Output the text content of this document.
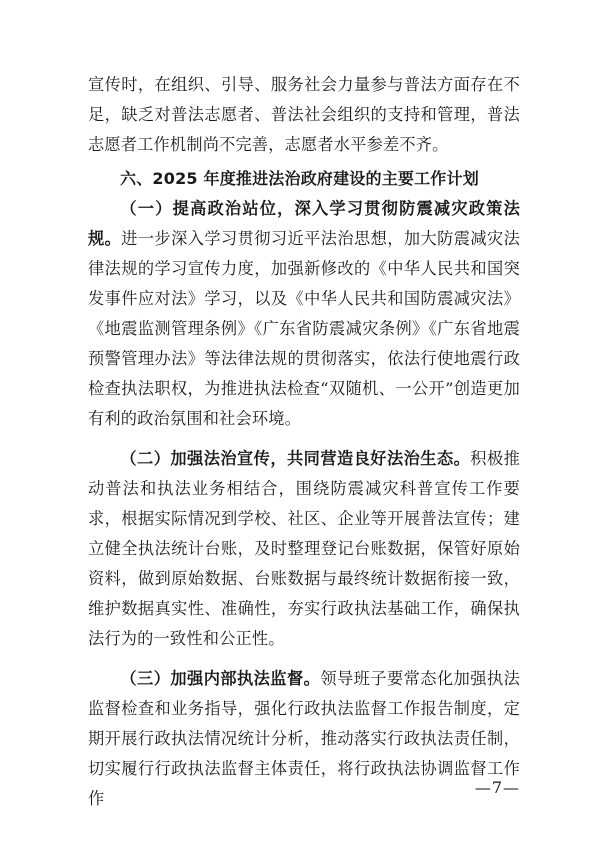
宣传时，在组织、引导、服务社会力量参与普法方面存在不足，缺乏对普法志愿者、普法社会组织的支持和管理，普法志愿者工作机制尚不完善，志愿者水平参差不齐。

六、2025 年度推进法治政府建设的主要工作计划

（一）提高政治站位，深入学习贯彻防震减灾政策法规。进一步深入学习贯彻习近平法治思想，加大防震减灾法律法规的学习宣传力度，加强新修改的《中华人民共和国突发事件应对法》学习，以及《中华人民共和国防震减灾法》《地震监测管理条例》《广东省防震减灾条例》《广东省地震预警管理办法》等法律法规的贯彻落实，依法行使地震行政检查执法职权，为推进执法检查“双随机、一公开”创造更加有利的政治氛围和社会环境。

（二）加强法治宣传，共同营造良好法治生态。积极推动普法和执法业务相结合，围绕防震减灾科普宣传工作要求，根据实际情况到学校、社区、企业等开展普法宣传；建立健全执法统计台账，及时整理登记台账数据，保管好原始资料，做到原始数据、台账数据与最终统计数据衔接一致，维护数据真实性、准确性，夯实行政执法基础工作，确保执法行为的一致性和公正性。

（三）加强内部执法监督。领导班子要常态化加强执法监督检查和业务指导，强化行政执法监督工作报告制度，定期开展行政执法情况统计分析，推动落实行政执法责任制，切实履行行政执法监督主体责任，将行政执法协调监督工作作

—7—
